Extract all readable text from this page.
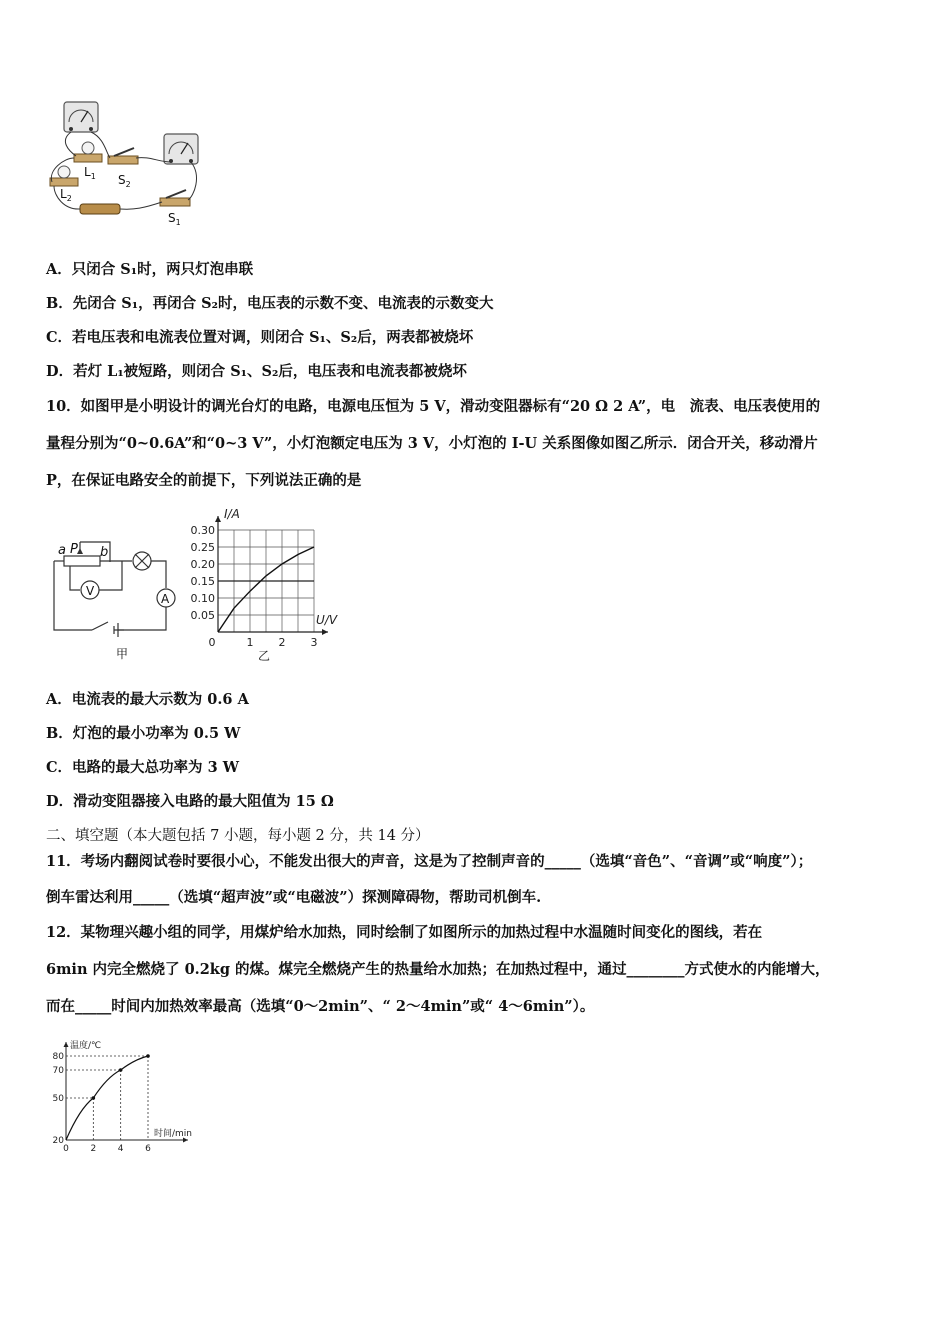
$L_1$
$L_2$
$S_2$
$S_1$
A．只闭合 S₁时，两只灯泡串联
B．先闭合 S₁，再闭合 S₂时，电压表的示数不变、电流表的示数变大
C．若电压表和电流表位置对调，则闭合 S₁、S₂后，两表都被烧坏
D．若灯 L₁被短路，则闭合 S₁、S₂后，电压表和电流表都被烧坏
10．如图甲是小明设计的调光台灯的电路，电源电压恒为 5 V，滑动变阻器标有“20 Ω 2 A”，电　流表、电压表使用的
量程分别为“0~0.6A”和“0~3 V”，小灯泡额定电压为 3 V，小灯泡的 I-U 关系图像如图乙所示．闭合开关，移动滑片
P，在保证电路安全的前提下，下列说法正确的是
a P b
V
A
甲
0.05
0.10
0.15
0.20
0.25
0.30
0	1 2 3
I/A
U/V
乙
A．电流表的最大示数为 0.6 A
B．灯泡的最小功率为 0.5 W
C．电路的最大总功率为 3 W
D．滑动变阻器接入电路的最大阻值为 15 Ω
二、填空题（本大题包括 7 小题，每小题 2 分，共 14 分）
11．考场内翻阅试卷时要很小心，不能发出很大的声音，这是为了控制声音的_____（选填“音色”、“音调”或“响度”）；
倒车雷达利用_____（选填“超声波”或“电磁波”）探测障碍物，帮助司机倒车.
12．某物理兴趣小组的同学，用煤炉给水加热，同时绘制了如图所示的加热过程中水温随时间变化的图线，若在
6min 内完全燃烧了 0.2kg 的煤。煤完全燃烧产生的热量给水加热；在加热过程中，通过________方式使水的内能增大，
而在_____时间内加热效率最高（选填“0～2min”、“ 2～4min”或“ 4～6min”）。
20
50
70
80
0 2 4 6
温度/℃
时间/min
